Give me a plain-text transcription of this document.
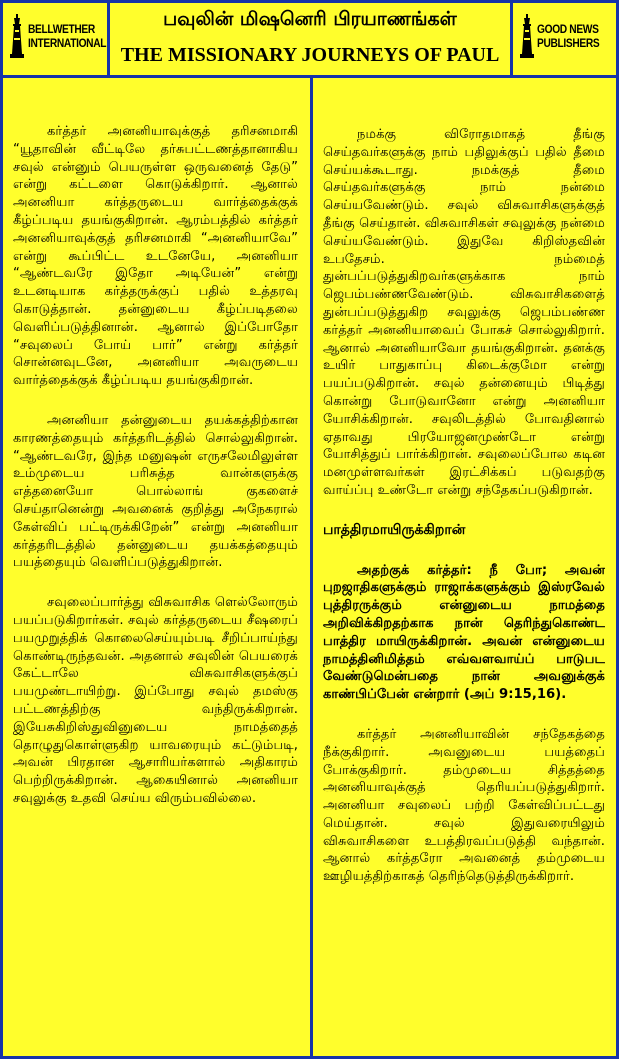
BELLWETHER
INTERNATIONAL
பவுலின் மிஷனெரி பிரயாணங்கள்
THE MISSIONARY JOURNEYS OF PAUL
GOOD NEWS
PUBLISHERS

கர்த்தர் அனனியாவுக்குத் தரிசனமாகி “யூதாவின் வீட்டிலே தர்சுபட்டணத்தானாகிய சவுல் என்னும் பெயருள்ள ஒருவனைத் தேடு” என்று கட்டளை கொடுக்கிறார். ஆனால் அனனியா கர்த்தருடைய வார்த்தைக்குக் கீழ்ப்படிய தயங்குகிறான். ஆரம்பத்தில் கர்த்தர் அனனியாவுக்குத் தரிசனமாகி “அனனியாவே” என்று கூப்பிட்ட உடனேயே, அனனியா “ஆண்டவரே இதோ அடியேன்” என்று உடனடியாக கர்த்தருக்குப் பதில் உத்தரவு கொடுத்தான். தன்னுடைய கீழ்ப்படிதலை வெளிப்படுத்தினான். ஆனால் இப்போதோ “சவுலைப் போய் பார்” என்று கர்த்தர் சொன்னவுடனே, அனனியா அவருடைய வார்த்தைக்குக் கீழ்ப்படிய தயங்குகிறான்.

அனனியா தன்னுடைய தயக்கத்திற்கான காரணத்தையும் கர்த்தரிடத்தில் சொல்லுகிறான். “ஆண்டவரே, இந்த மனுஷன் எருசலேமிலுள்ள உம்முடைய பரிசுத்த வான்களுக்கு எத்தனையோ பொல்லாங் குகளைச் செய்தானென்று அவனைக் குறித்து அநேகரால் கேள்விப் பட்டிருக்கிறேன்” என்று அனனியா கர்த்தரிடத்தில் தன்னுடைய தயக்கத்தையும் பயத்தையும் வெளிப்படுத்துகிறான்.

சவுலைப்பார்த்து விசுவாசிக ளெல்லோரும் பயப்படுகிறார்கள். சவுல் கர்த்தருடைய சீஷரைப் பயமுறுத்திக் கொலைசெய்யும்படி சீறிப்பாய்ந்து கொண்டிருந்தவன். அதனால் சவுலின் பெயரைக் கேட்டாலே விசுவாசிகளுக்குப் பயமுண்டாயிற்று. இப்போது சவுல் தமஸ்கு பட்டணத்திற்கு வந்திருக்கிறான். இயேசுகிறிஸ்துவினுடைய நாமத்தைத் தொழுதுகொள்ளுகிற யாவரையும் கட்டும்படி, அவன் பிரதான ஆசாரியர்களால் அதிகாரம் பெற்றிருக்கிறான். ஆகையினால் அனனியா சவுலுக்கு உதவி செய்ய விரும்பவில்லை.

நமக்கு விரோதமாகத் தீங்கு செய்தவர்களுக்கு நாம் பதிலுக்குப் பதில் தீமை செய்யக்கூடாது. நமக்குத் தீமை செய்தவர்களுக்கு நாம் நன்மை செய்யவேண்டும். சவுல் விசுவாசிகளுக்குத் தீங்கு செய்தான். விசுவாசிகள் சவுலுக்கு நன்மை செய்யவேண்டும். இதுவே கிறிஸ்தவின் உபதேசம். நம்மைத் துன்பப்படுத்துகிறவர்களுக்காக நாம் ஜெபம்பண்ணவேண்டும். விசுவாசிகளைத் துன்பப்படுத்துகிற சவுலுக்கு ஜெபம்பண்ண கர்த்தர் அனனியாவைப் போகச் சொல்லுகிறார். ஆனால் அனனியாவோ தயங்குகிறான். தனக்கு உயிர் பாதுகாப்பு கிடைக்குமோ என்று பயப்படுகிறான். சவுல் தன்னையும் பிடித்து கொன்று போடுவானோ என்று அனனியா யோசிக்கிறான். சவுலிடத்தில் போவதினால் ஏதாவது பிரயோஜனமுண்டோ என்று யோசித்துப் பார்க்கிறான். சவுலைப்போல கடின மனமுள்ளவர்கள் இரட்சிக்கப் படுவதற்கு வாய்ப்பு உண்டோ என்று சந்தேகப்படுகிறான்.

பாத்திரமாயிருக்கிறான்

அதற்குக் கர்த்தர்: நீ போ; அவன் புறஜாதிகளுக்கும் ராஜாக்களுக்கும் இஸ்ரவேல் புத்திரருக்கும் என்னுடைய நாமத்தை அறிவிக்கிறதற்காக நான் தெரிந்துகொண்ட பாத்திர மாயிருக்கிறான். அவன் என்னுடைய நாமத்தினிமித்தம் எவ்வளவாய்ப் பாடுபட வேண்டுமென்பதை நான் அவனுக்குக் காண்பிப்பேன் என்றார் (அப் 9:15,16).

கர்த்தர் அனனியாவின் சந்தேகத்தை நீக்குகிறார். அவனுடைய பயத்தைப் போக்குகிறார். தம்முடைய சித்தத்தை அனனியாவுக்குத் தெரியப்படுத்துகிறார். அனனியா சவுலைப் பற்றி கேள்விப்பட்டது மெய்தான். சவுல் இதுவரையிலும் விசுவாசிகளை உபத்திரவப்படுத்தி வந்தான். ஆனால் கர்த்தரோ அவனைத் தம்முடைய ஊழியத்திற்காகத் தெரிந்தெடுத்திருக்கிறார்.
